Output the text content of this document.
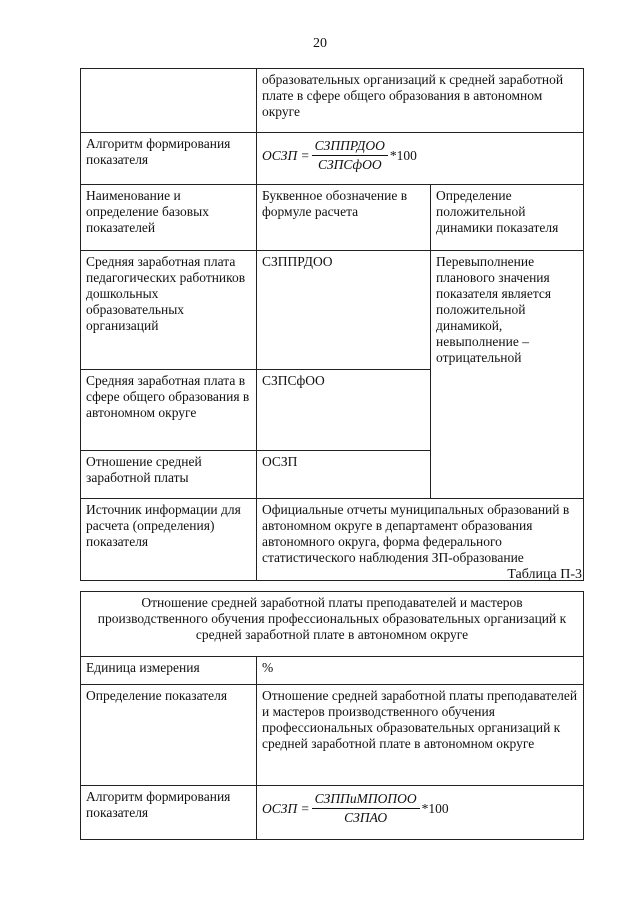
20
	образовательных организаций к средней заработной плате в сфере общего образования в автономном округе	
Алгоритм формирования показателя	ОСЗП = $\frac{\text{СЗППРДОО}}{\text{СЗПСфОО}} *100$	

Наименование и определение базовых показателей	Буквенное обозначение в формуле расчета	Определение положительной динамики показателя
Средняя заработная плата педагогических работников дошкольных образовательных организаций	СЗППРДОО	Перевыполнение планового значения показателя является положительной динамикой, невыполнение – отрицательной
Средняя заработная плата в сфере общего образования в автономном округе	СЗПСфОО	
Отношение средней заработной платы	ОСЗП	
Источник информации для расчета (определения) показателя	Официальные отчеты муниципальных образований в автономном округе в департамент образования автономного округа, форма федерального статистического наблюдения ЗП-образование	
Таблица П-3
Отношение средней заработной платы преподавателей и мастеров производственного обучения профессиональных образовательных организаций к средней заработной плате в автономном округе	
Единица измерения	%
Определение показателя	Отношение средней заработной платы преподавателей и мастеров производственного обучения профессиональных образовательных организаций к средней заработной плате в автономном округе
Алгоритм формирования показателя	ОСЗП = $\frac{\text{СЗППиМПОПОО}}{\text{СЗПАО}} *100$
